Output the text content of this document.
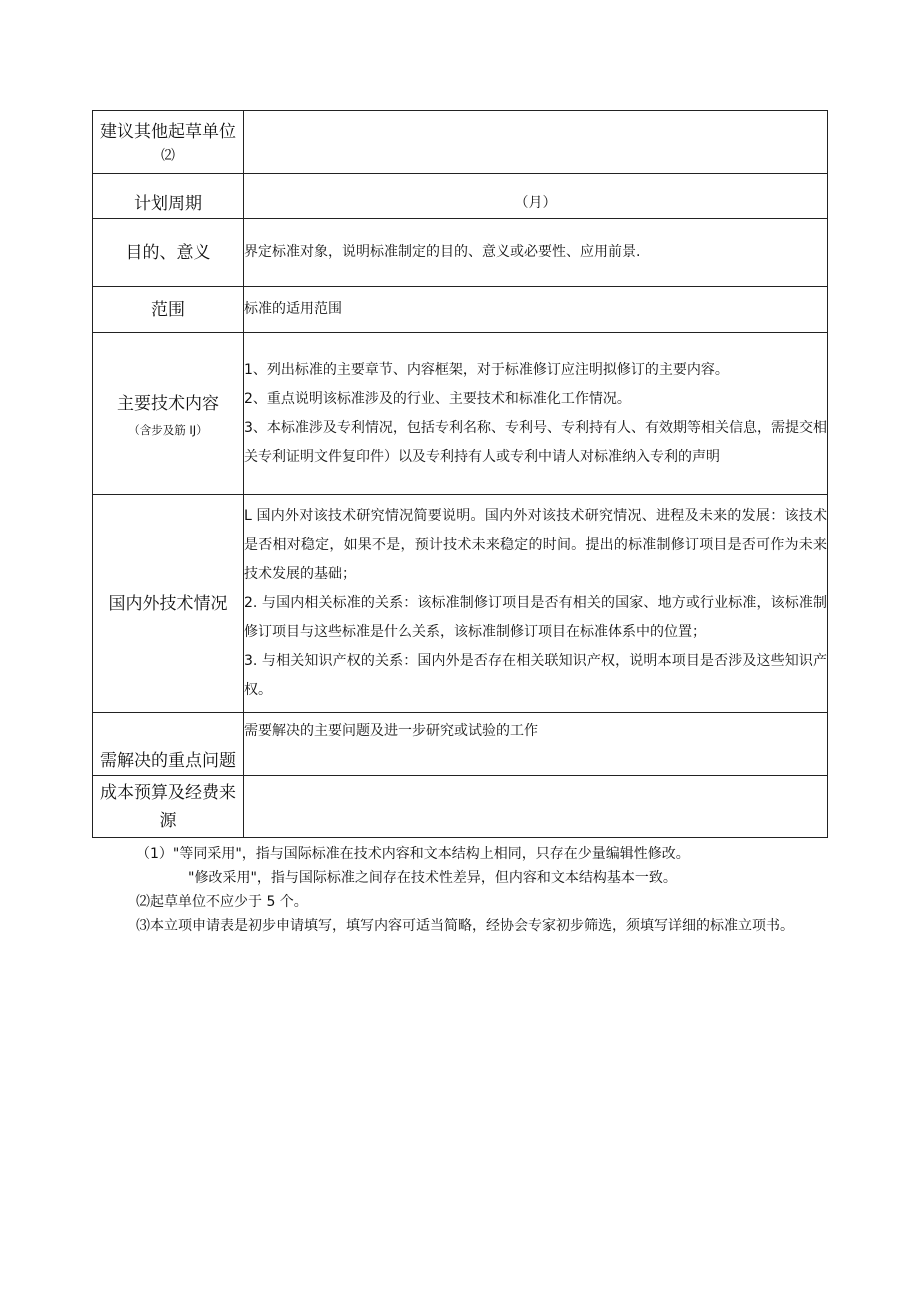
建议其他起草单位
⑵	

计划周期	（月）
目的、意义	界定标准对象，说明标准制定的目的、意义或必要性、应用前景.
范围	标准的适用范围
主要技术内容
（含步及筋 IJ）	1、列出标准的主要章节、内容框架，对于标准修订应注明拟修订的主要内容。
2、重点说明该标准涉及的行业、主要技术和标准化工作情况。
3、本标准涉及专利情况，包括专利名称、专利号、专利持有人、有效期等相关信息，需提交相关专利证明文件复印件）以及专利持有人或专利中请人对标准纳入专利的声明

国内外技术情况	L 国内外对该技术研究情况简要说明。国内外对该技术研究情况、进程及未来的发展：该技术是否相对稳定，如果不是，预计技术未来稳定的时间。提出的标准制修订项目是否可作为未来技术发展的基础；
2. 与国内相关标准的关系：该标准制修订项目是否有相关的国家、地方或行业标准，该标准制修订项目与这些标准是什么关系，该标准制修订项目在标准体系中的位置；
3. 与相关知识产权的关系：国内外是否存在相关联知识产权，说明本项目是否涉及这些知识产权。

需解决的重点问题	需要解决的主要问题及进一步研究或试验的工作
成本预算及经费来源	
（1）"等同采用"，指与国际标准在技术内容和文本结构上相同，只存在少量编辑性修改。
"修改采用"，指与国际标准之间存在技术性差异，但内容和文本结构基本一致。
⑵起草单位不应少于 5 个。
⑶本立项申请表是初步申请填写，填写内容可适当简略，经协会专家初步筛选，须填写详细的标准立项书。
